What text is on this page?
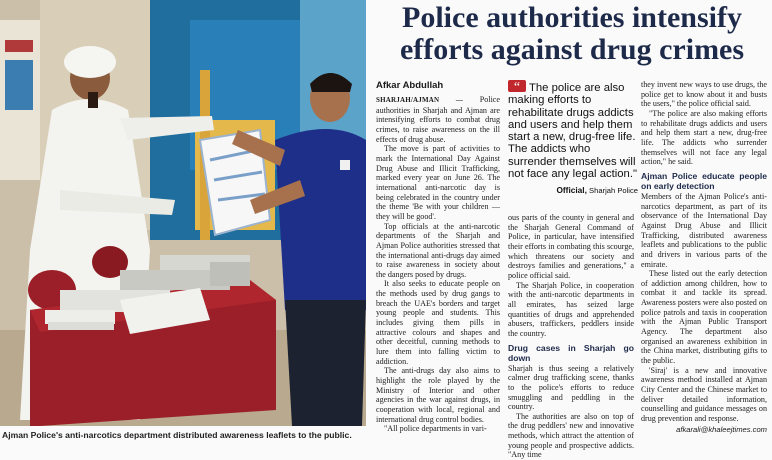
Ajman Police's anti-narcotics department distributed awareness leaflets to the public.
Police authorities intensify efforts against drug crimes
Afkar Abdullah

SHARJAH/AJMAN — Police authorities in Sharjah and Ajman are intensifying efforts to combat drug crimes, to raise awareness on the ill effects of drug abuse.

The move is part of activities to mark the International Day Against Drug Abuse and Illicit Trafficking, marked every year on June 26. The international anti-narcotic day is being celebrated in the country under the theme 'Be with your children — they will be good'.

Top officials at the anti-narcotic departments of the Sharjah and Ajman Police authorities stressed that the international anti-drugs day aimed to raise awareness in society about the dangers posed by drugs.

It also seeks to educate people on the methods used by drug gangs to breach the UAE's borders and target young people and students. This includes giving them pills in attractive colours and shapes and other deceitful, cunning methods to lure them into falling victim to addiction.

The anti-drugs day also aims to highlight the role played by the Ministry of Interior and other agencies in the war against drugs, in cooperation with local, regional and international drug control bodies.

"All police departments in vari-

“ The police are also making efforts to rehabilitate drugs addicts and users and help them start a new, drug-free life. The addicts who surrender themselves will not face any legal action."
Official, Sharjah Police

ous parts of the county in general and the Sharjah General Command of Police, in particular, have intensified their efforts in combating this scourge, which threatens our society and destroys families and generations," a police official said.

The Sharjah Police, in cooperation with the anti-narcotic departments in all emirates, has seized large quantities of drugs and apprehended abusers, traffickers, peddlers inside the country.

Drug cases in Sharjah go down

Sharjah is thus seeing a relatively calmer drug trafficking scene, thanks to the police's efforts to reduce smuggling and peddling in the country.

The authorities are also on top of the drug peddlers' new and innovative methods, which attract the attention of young people and prospective addicts. "Any time

they invent new ways to use drugs, the police get to know about it and busts the users," the police official said.

"The police are also making efforts to rehabilitate drugs addicts and users and help them start a new, drug-free life. The addicts who surrender themselves will not face any legal action," he said.

Ajman Police educate people on early detection

Members of the Ajman Police's anti-narcotics department, as part of its observance of the International Day Against Drug Abuse and Illicit Trafficking, distributed awareness leaflets and publications to the public and drivers in various parts of the emirate.

These listed out the early detection of addiction among children, how to combat it and tackle its spread. Awareness posters were also posted on police patrols and taxis in cooperation with the Ajman Public Transport Agency. The department also organised an awareness exhibition in the China market, distributing gifts to the public.

'Siraj' is a new and innovative awareness method installed at Ajman City Center and the Chinese market to deliver detailed information, counselling and guidance messages on drug prevention and response.

afkarali@khaleejtimes.com
